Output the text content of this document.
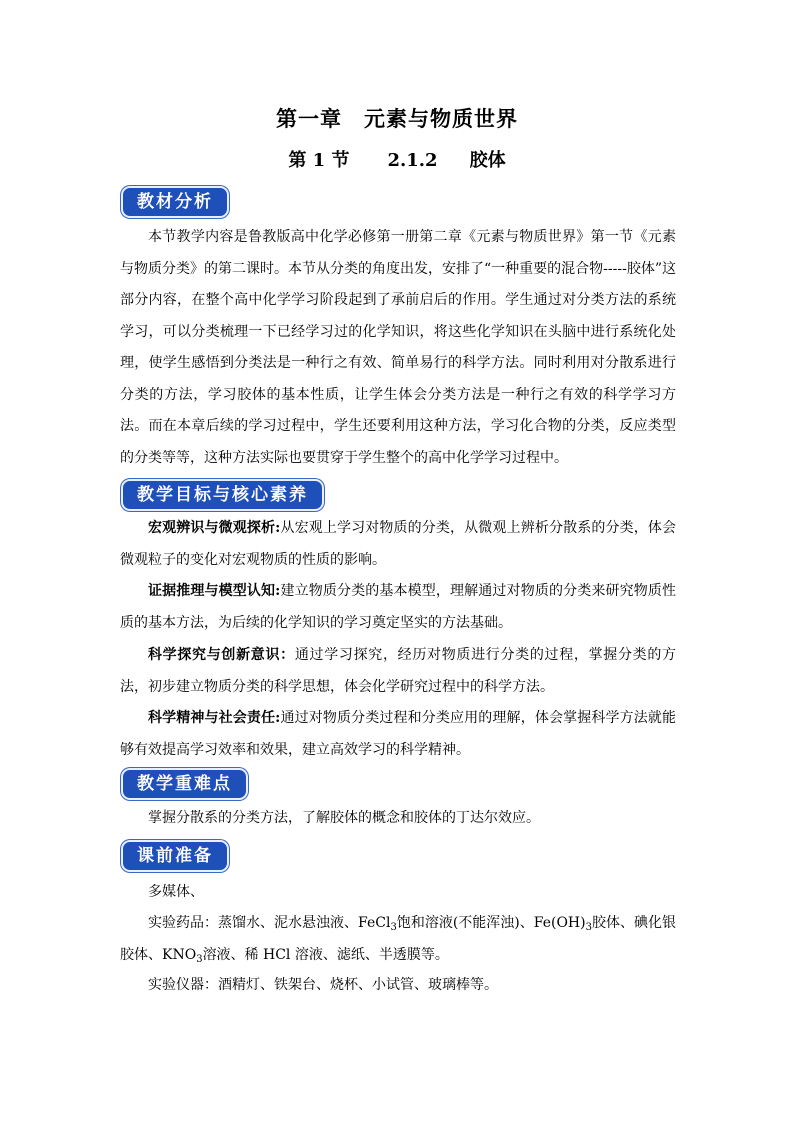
第一章　元素与物质世界
第 1 节 2.1.2 胶体
教材分析

本节教学内容是鲁教版高中化学必修第一册第二章《元素与物质世界》第一节《元素与物质分类》的第二课时。本节从分类的角度出发，安排了“一种重要的混合物-----胶体”这部分内容，在整个高中化学学习阶段起到了承前启后的作用。学生通过对分类方法的系统学习，可以分类梳理一下已经学习过的化学知识，将这些化学知识在头脑中进行系统化处理，使学生感悟到分类法是一种行之有效、简单易行的科学方法。同时利用对分散系进行分类的方法，学习胶体的基本性质，让学生体会分类方法是一种行之有效的科学学习方法。而在本章后续的学习过程中，学生还要利用这种方法，学习化合物的分类，反应类型的分类等等，这种方法实际也要贯穿于学生整个的高中化学学习过程中。

教学目标与核心素养

宏观辨识与微观探析:从宏观上学习对物质的分类，从微观上辨析分散系的分类，体会微观粒子的变化对宏观物质的性质的影响。

证据推理与模型认知:建立物质分类的基本模型，理解通过对物质的分类来研究物质性质的基本方法，为后续的化学知识的学习奠定坚实的方法基础。

科学探究与创新意识：通过学习探究，经历对物质进行分类的过程，掌握分类的方法，初步建立物质分类的科学思想，体会化学研究过程中的科学方法。

科学精神与社会责任:通过对物质分类过程和分类应用的理解，体会掌握科学方法就能够有效提高学习效率和效果，建立高效学习的科学精神。

教学重难点

掌握分散系的分类方法，了解胶体的概念和胶体的丁达尔效应。

课前准备

多媒体、

实验药品：蒸馏水、泥水悬浊液、FeCl$_3$饱和溶液(不能浑浊)、$Fe(OH)_3$胶体、碘化银胶体、$KNO_3$溶液、稀 HCl 溶液、滤纸、半透膜等。

实验仪器：酒精灯、铁架台、烧杯、小试管、玻璃棒等。
